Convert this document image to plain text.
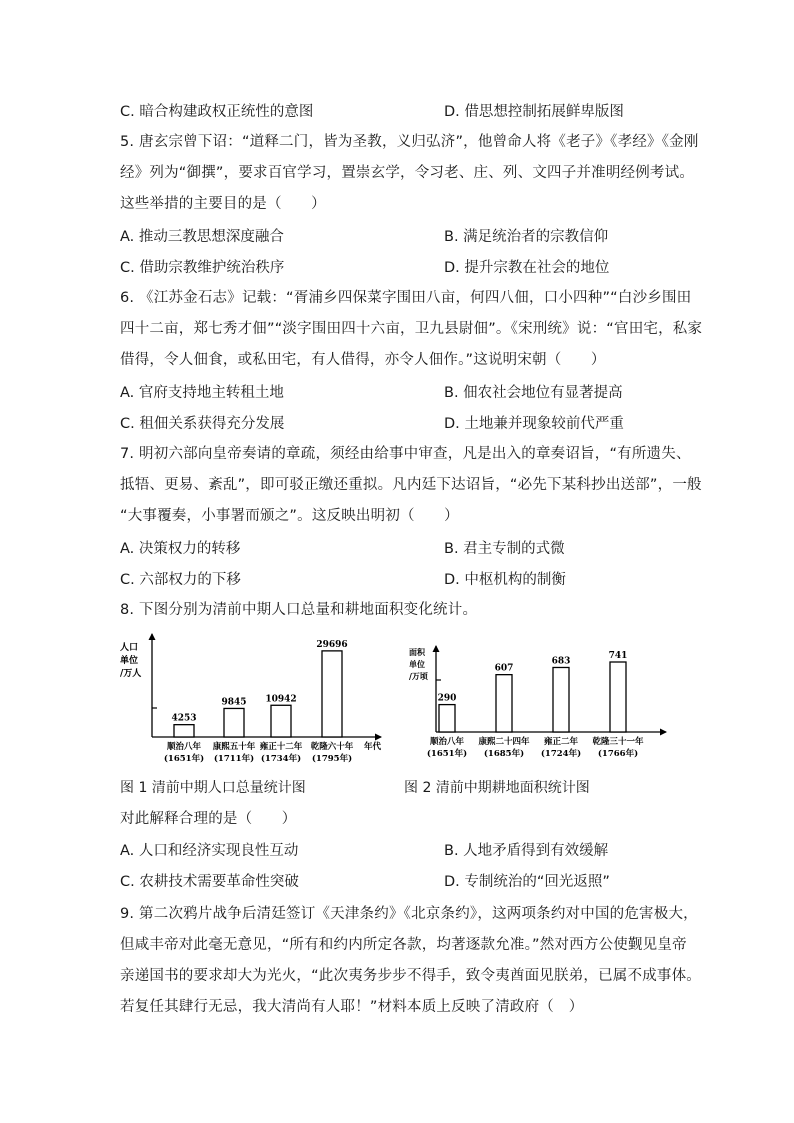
C. 暗合构建政权正统性的意图	D. 借思想控制拓展鲜卑版图
5. 唐玄宗曾下诏：“道释二门，皆为圣教，义归弘济”，他曾命人将《老子》《孝经》《金刚
经》列为“御撰”，要求百官学习，置崇玄学，令习老、庄、列、文四子并准明经例考试。
这些举措的主要目的是（　　）
A. 推动三教思想深度融合	B. 满足统治者的宗教信仰
C. 借助宗教维护统治秩序	D. 提升宗教在社会的地位
6. 《江苏金石志》记载：“胥浦乡四保菜字围田八亩，何四八佃，口小四种”“白沙乡围田
四十二亩，郑七秀才佃”“淡字围田四十六亩，卫九县尉佃”。《宋刑统》说：“官田宅，私家
借得，令人佃食，或私田宅，有人借得，亦令人佃作。”这说明宋朝（　　）
A. 官府支持地主转租土地	B. 佃农社会地位有显著提高
C. 租佃关系获得充分发展	D. 土地兼并现象较前代严重
7. 明初六部向皇帝奏请的章疏，须经由给事中审查，凡是出入的章奏诏旨，“有所遗失、
抵牾、更易、紊乱”，即可驳正缴还重拟。凡内廷下达诏旨，“必先下某科抄出送部”，一般
“大事覆奏，小事署而颁之”。这反映出明初（　　）
A. 决策权力的转移	B. 君主专制的式微
C. 六部权力的下移	D. 中枢机构的制衡
8. 下图分别为清前中期人口总量和耕地面积变化统计。
人口
单位
/万人
4253
顺治八年
(1651年)
9845
康熙五十年
(1711年)
10942
雍正十二年
(1734年)
29696
乾隆六十年
(1795年)
年代
面积
单位
/万顷
290
顺治八年
(1651年)
607
康熙二十四年
(1685年)
683
雍正二年
(1724年)
741
乾隆三十一年
(1766年)
图 1 清前中期人口总量统计图	图 2 清前中期耕地面积统计图
对此解释合理的是（　　）
A. 人口和经济实现良性互动	B. 人地矛盾得到有效缓解
C. 农耕技术需要革命性突破	D. 专制统治的“回光返照”
9. 第二次鸦片战争后清廷签订《天津条约》《北京条约》，这两项条约对中国的危害极大，
但咸丰帝对此毫无意见，“所有和约内所定各款，均著逐款允准。”然对西方公使觐见皇帝
亲递国书的要求却大为光火，“此次夷务步步不得手，致令夷酋面见朕弟，已属不成事体。
若复任其肆行无忌，我大清尚有人耶！”材料本质上反映了清政府（　）
